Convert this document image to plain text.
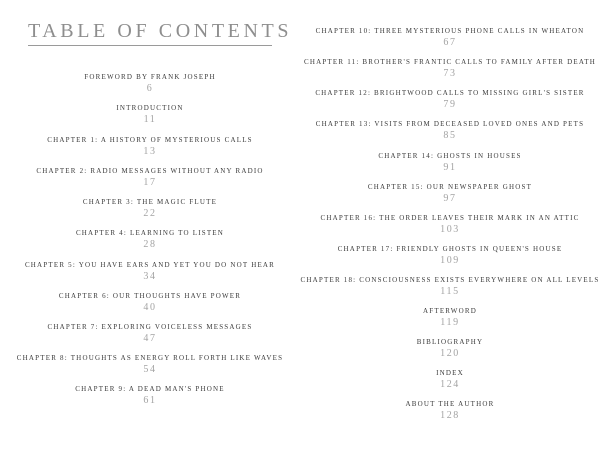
TABLE OF CONTENTS
FOREWORD BY FRANK JOSEPH
6
INTRODUCTION
11
CHAPTER 1: A HISTORY OF MYSTERIOUS CALLS
13
CHAPTER 2: RADIO MESSAGES WITHOUT ANY RADIO
17
CHAPTER 3: THE MAGIC FLUTE
22
CHAPTER 4: LEARNING TO LISTEN
28
CHAPTER 5: YOU HAVE EARS AND YET YOU DO NOT HEAR
34
CHAPTER 6: OUR THOUGHTS HAVE POWER
40
CHAPTER 7: EXPLORING VOICELESS MESSAGES
47
CHAPTER 8: THOUGHTS AS ENERGY ROLL FORTH LIKE WAVES
54
CHAPTER 9: A DEAD MAN'S PHONE
61
CHAPTER 10: THREE MYSTERIOUS PHONE CALLS IN WHEATON
67
CHAPTER 11: BROTHER'S FRANTIC CALLS TO FAMILY AFTER DEATH
73
CHAPTER 12: BRIGHTWOOD CALLS TO MISSING GIRL'S SISTER
79
CHAPTER 13: VISITS FROM DECEASED LOVED ONES AND PETS
85
CHAPTER 14: GHOSTS IN HOUSES
91
CHAPTER 15: OUR NEWSPAPER GHOST
97
CHAPTER 16: THE ORDER LEAVES THEIR MARK IN AN ATTIC
103
CHAPTER 17: FRIENDLY GHOSTS IN QUEEN'S HOUSE
109
CHAPTER 18: CONSCIOUSNESS EXISTS EVERYWHERE ON ALL LEVELS
115
AFTERWORD
119
BIBLIOGRAPHY
120
INDEX
124
ABOUT THE AUTHOR
128
